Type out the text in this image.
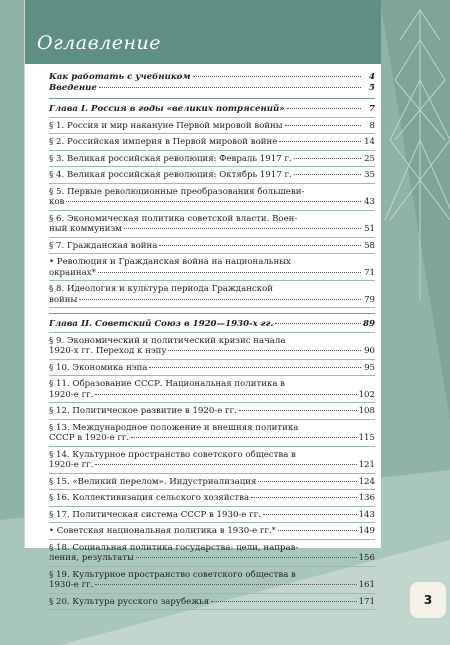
Оглавление
Как работать с учебником	4
Введение	5
Глава I. Россия в годы «великих потрясений»	7
§ 1. Россия и мир накануне Первой мировой войны	8
§ 2. Российская империя в Первой мировой войне	14
§ 3. Великая российская революция: Февраль 1917 г.	25
§ 4. Великая российская революция: Октябрь 1917 г.	35
§ 5. Первые революционные преобразования большеви-
ков	43
§ 6. Экономическая политика советской власти. Воен-
ный коммунизм	51
§ 7. Гражданская война	58
• Революция и Гражданская война на национальных
окраинах*	71
§ 8. Идеология и культура периода Гражданской
войны	79
Глава II. Советский Союз в 1920—1930-х гг.	89
§ 9. Экономический и политический кризис начала
1920-х гг. Переход к нэпу	90
§ 10. Экономика нэпа	95
§ 11. Образование СССР. Национальная политика в
1920-е гг.	102
§ 12. Политическое развитие в 1920-е гг.	108
§ 13. Международное положение и внешняя политика
СССР в 1920-е гг.	115
§ 14. Культурное пространство советского общества в
1920-е гг.	121
§ 15. «Великий перелом». Индустриализация	124
§ 16. Коллективизация сельского хозяйства	136
§ 17. Политическая система СССР в 1930-е гг.	143
• Советская национальная политика в 1930-е гг.*	149
§ 18. Социальная политика государства: цели, направ-
ления, результаты	156
§ 19. Культурное пространство советского общества в
1930-е гг.	161
§ 20. Культура русского зарубежья	171	3
